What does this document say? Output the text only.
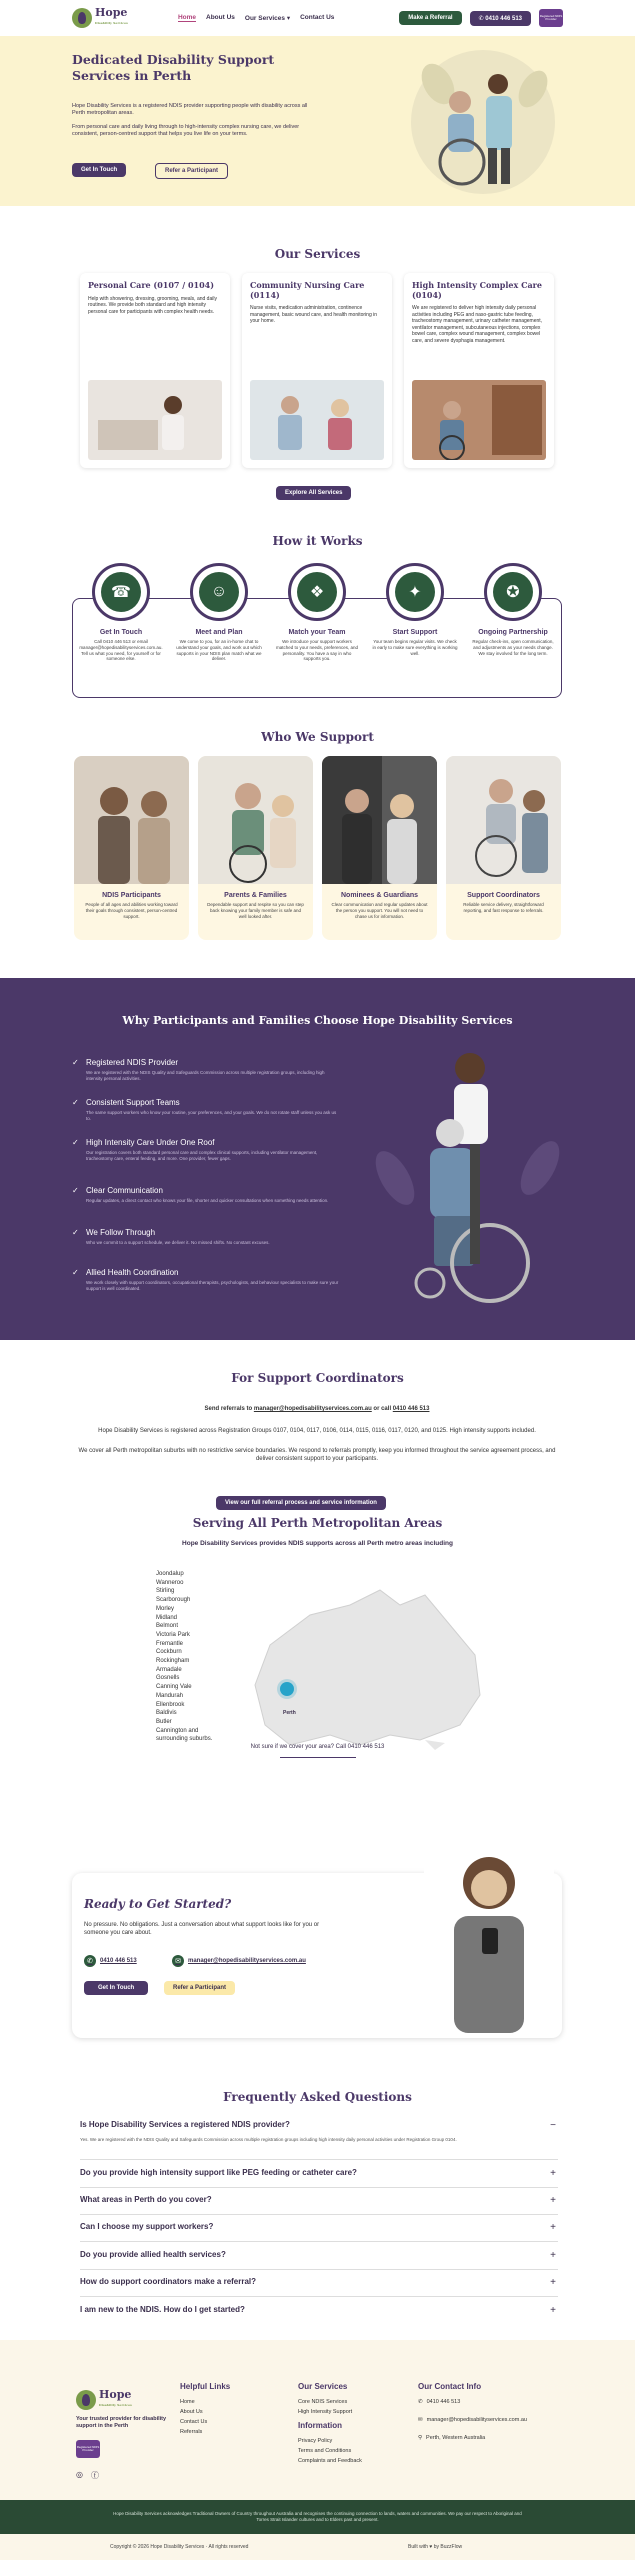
Hope
Disability Services
Home About Us Our Services ▾ Contact Us	Make a Referral	✆ 0410 446 513	Registered NDIS Provider
Dedicated Disability Support Services in Perth

Hope Disability Services is a registered NDIS provider supporting people with disability across all Perth metropolitan areas.

From personal care and daily living through to high-intensity complex nursing care, we deliver consistent, person-centred support that helps you live life on your terms.

Get In Touch	Refer a Participant
Our Services
Personal Care (0107 / 0104)

Help with showering, dressing, grooming, meals, and daily routines. We provide both standard and high intensity personal care for participants with complex health needs.

Community Nursing Care (0114)

Nurse visits, medication administration, continence management, basic wound care, and health monitoring in your home.

High Intensity Complex Care (0104)

We are registered to deliver high intensity daily personal activities including PEG and naso-gastric tube feeding, tracheostomy management, urinary catheter management, ventilator management, subcutaneous injections, complex bowel care, complex wound management, complex bowel care, and severe dysphagia management.

Explore All Services
How it Works
☎
Get In Touch

Call 0410 446 513 or email manager@hopedisabilityservices.com.au. Tell us what you need, for yourself or for someone else.

☺
Meet and Plan

We come to you, for an in-home chat to understand your goals, and work out which supports in your NDIS plan match what we deliver.

❖
Match your Team

We introduce your support workers matched to your needs, preferences, and personality. You have a say in who supports you.

✦
Start Support

Your team begins regular visits. We check in early to make sure everything is working well.

✪
Ongoing Partnership

Regular check-ins, open communication, and adjustments as your needs change. We stay involved for the long term.

Who We Support
NDIS Participants

People of all ages and abilities working toward their goals through consistent, person-centred support.

Parents & Families

Dependable support and respite so you can step back knowing your family member is safe and well looked after.

Nominees & Guardians

Clear communication and regular updates about the person you support. You will not need to chase us for information.

Support Coordinators

Reliable service delivery, straightforward reporting, and fast response to referrals.

Why Participants and Families Choose Hope Disability Services
✓ Registered NDIS Provider

We are registered with the NDIS Quality and Safeguards Commission across multiple registration groups, including high intensity personal activities.

✓ Consistent Support Teams

The same support workers who know your routine, your preferences, and your goals. We do not rotate staff unless you ask us to.

✓ High Intensity Care Under One Roof

Our registration covers both standard personal care and complex clinical supports, including ventilator management, tracheostomy care, enteral feeding, and more. One provider, fewer gaps.

✓ Clear Communication

Regular updates, a direct contact who knows your file, shorter and quicker consultations when something needs attention.

✓ We Follow Through

Who we commit to a support schedule, we deliver it. No missed shifts. No constant excuses.

✓ Allied Health Coordination

We work closely with support coordinators, occupational therapists, psychologists, and behaviour specialists to make sure your support is well coordinated.

For Support Coordinators

Send referrals to manager@hopedisabilityservices.com.au or call 0410 446 513

Hope Disability Services is registered across Registration Groups 0107, 0104, 0117, 0106, 0114, 0115, 0116, 0117, 0120, and 0125. High intensity supports included.

We cover all Perth metropolitan suburbs with no restrictive service boundaries. We respond to referrals promptly, keep you informed throughout the service agreement process, and deliver consistent support to your participants.

View our full referral process and service information
Serving All Perth Metropolitan Areas
Hope Disability Services provides NDIS supports across all Perth metro areas including
Joondalup
Wanneroo
Stirling
Scarborough
Morley
Midland
Belmont
Victoria Park
Fremantle
Cockburn
Rockingham
Armadale
Gosnells
Canning Vale
Mandurah
Ellenbrook
Baldivis
Butler
Cannington and surrounding suburbs.
Perth
Not sure if we cover your area? Call 0410 446 513
Ready to Get Started?
No pressure. No obligations. Just a conversation about what support looks like for you or someone you care about.
✆	0410 446 513	✉	manager@hopedisabilityservices.com.au
Get In Touch	Refer a Participant
Frequently Asked Questions
Is Hope Disability Services a registered NDIS provider?	−
Yes. We are registered with the NDIS Quality and Safeguards Commission across multiple registration groups including high intensity daily personal activities under Registration Group 0104.
Do you provide high intensity support like PEG feeding or catheter care?	+
What areas in Perth do you cover?	+
Can I choose my support workers?	+
Do you provide allied health services?	+
How do support coordinators make a referral?	+
I am new to the NDIS. How do I get started?	+
Hope
Disability Services
Your trusted provider for disability support in the Perth
Registered NDIS Provider
◎ ⓕ
Helpful Links
Home
About Us
Contact Us
Referrals
Our Services
Core NDIS Services
High Intensity Support
Information
Privacy Policy
Terms and Conditions
Complaints and Feedback
Our Contact Info
✆ 0410 446 513
✉ manager@hopedisabilityservices.com.au
⚲ Perth, Western Australia
Hope Disability Services acknowledges Traditional Owners of Country throughout Australia and recognises the continuing connection to lands, waters and communities. We pay our respect to Aboriginal and Torres Strait Islander cultures and to Elders past and present.
Copyright © 2026 Hope Disability Services · All rights reserved	Built with ♥ by BuzzFlow
